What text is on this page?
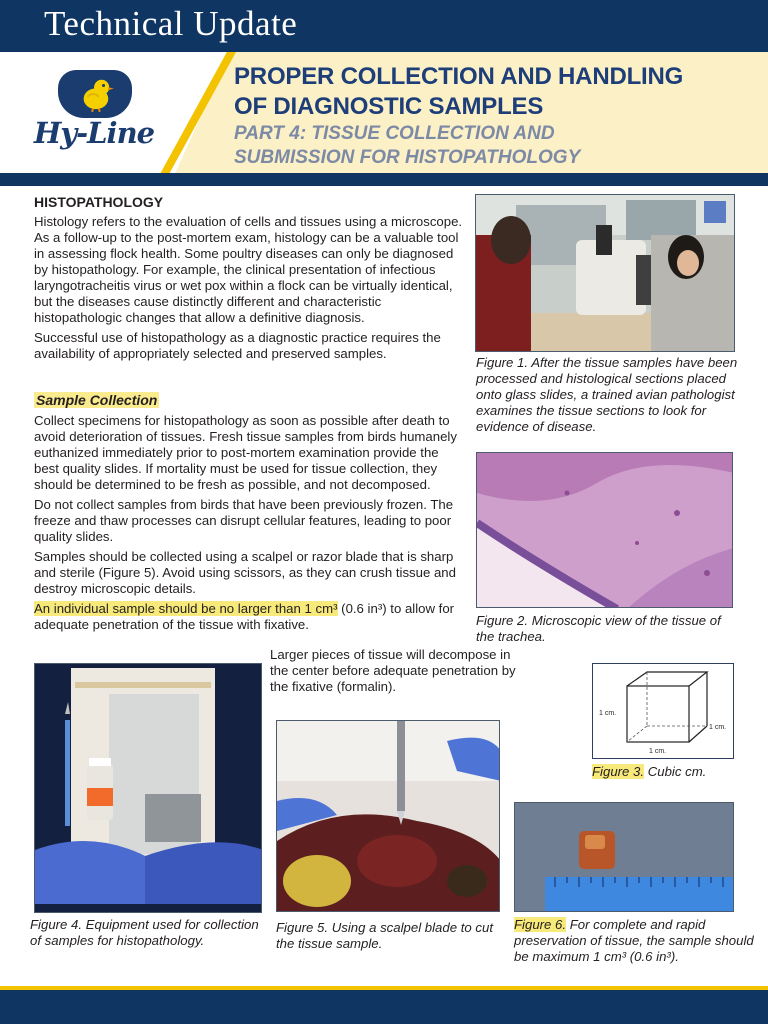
Technical Update
Hy-Line
PROPER COLLECTION AND HANDLING
OF DIAGNOSTIC SAMPLES
PART 4: TISSUE COLLECTION AND
SUBMISSION FOR HISTOPATHOLOGY
HISTOPATHOLOGY

Histology refers to the evaluation of cells and tissues using a microscope. As a follow-up to the post-mortem exam, histology can be a valuable tool in assessing flock health. Some poultry diseases can only be diagnosed by histopathology. For example, the clinical presentation of infectious laryngotracheitis virus or wet pox within a flock can be virtually identical, but the diseases cause distinctly different and characteristic histopathologic changes that allow a definitive diagnosis.

Successful use of histopathology as a diagnostic practice requires the availability of appropriately selected and preserved samples.

Sample Collection

Collect specimens for histopathology as soon as possible after death to avoid deterioration of tissues. Fresh tissue samples from birds humanely euthanized immediately prior to post-mortem examination provide the best quality slides. If mortality must be used for tissue collection, they should be determined to be fresh as possible, and not decomposed.

Do not collect samples from birds that have been previously frozen. The freeze and thaw processes can disrupt cellular features, leading to poor quality slides.

Samples should be collected using a scalpel or razor blade that is sharp and sterile (Figure 5). Avoid using scissors, as they can crush tissue and destroy microscopic details.

An individual sample should be no larger than 1 cm³ (0.6 in³) to allow for adequate penetration of the tissue with fixative.

Larger pieces of tissue will decompose in the center before adequate penetration by the fixative (formalin).
Figure 1. After the tissue samples have been processed and histological sections placed onto glass slides, a trained avian pathologist examines the tissue sections to look for evidence of disease.
Figure 2. Microscopic view of the tissue of the trachea.
1 cm.
1 cm.
1 cm.
Figure 3. Cubic cm.
Figure 4. Equipment used for collection of samples for histopathology.
Figure 5. Using a scalpel blade to cut the tissue sample.
Figure 6. For complete and rapid preservation of tissue, the sample should be maximum 1 cm³ (0.6 in³).
